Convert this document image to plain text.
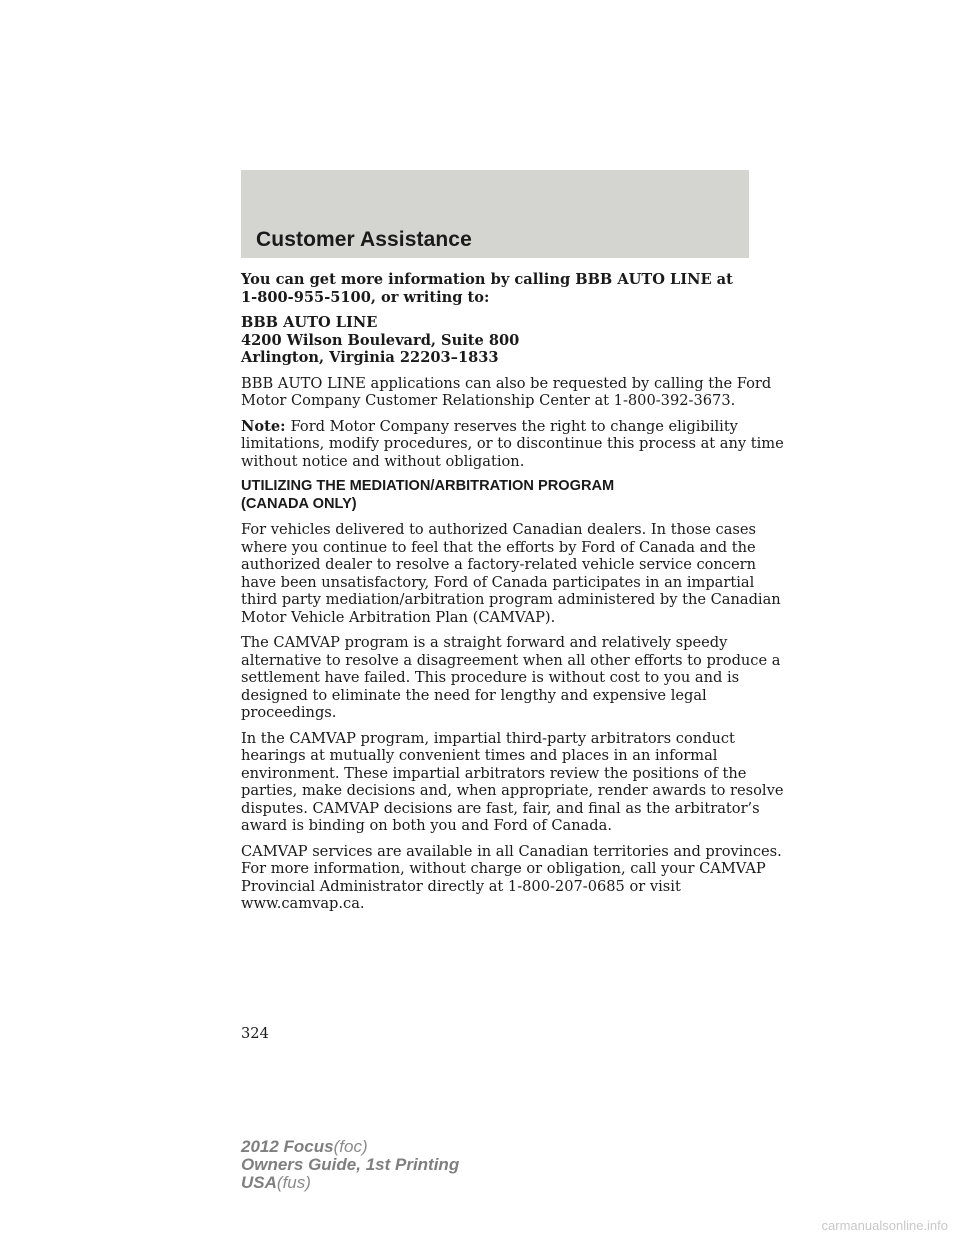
Customer Assistance

You can get more information by calling BBB AUTO LINE at
1-800-955-5100, or writing to:

BBB AUTO LINE
4200 Wilson Boulevard, Suite 800
Arlington, Virginia 22203–1833

BBB AUTO LINE applications can also be requested by calling the Ford
Motor Company Customer Relationship Center at 1-800-392-3673.

Note: Ford Motor Company reserves the right to change eligibility
limitations, modify procedures, or to discontinue this process at any time
without notice and without obligation.

UTILIZING THE MEDIATION/ARBITRATION PROGRAM
(CANADA ONLY)

For vehicles delivered to authorized Canadian dealers. In those cases
where you continue to feel that the efforts by Ford of Canada and the
authorized dealer to resolve a factory-related vehicle service concern
have been unsatisfactory, Ford of Canada participates in an impartial
third party mediation/arbitration program administered by the Canadian
Motor Vehicle Arbitration Plan (CAMVAP).

The CAMVAP program is a straight forward and relatively speedy
alternative to resolve a disagreement when all other efforts to produce a
settlement have failed. This procedure is without cost to you and is
designed to eliminate the need for lengthy and expensive legal
proceedings.

In the CAMVAP program, impartial third-party arbitrators conduct
hearings at mutually convenient times and places in an informal
environment. These impartial arbitrators review the positions of the
parties, make decisions and, when appropriate, render awards to resolve
disputes. CAMVAP decisions are fast, fair, and final as the arbitrator’s
award is binding on both you and Ford of Canada.

CAMVAP services are available in all Canadian territories and provinces.
For more information, without charge or obligation, call your CAMVAP
Provincial Administrator directly at 1-800-207-0685 or visit
www.camvap.ca.

324
2012 Focus(foc)
Owners Guide, 1st Printing
USA(fus)
carmanualsonline.info
